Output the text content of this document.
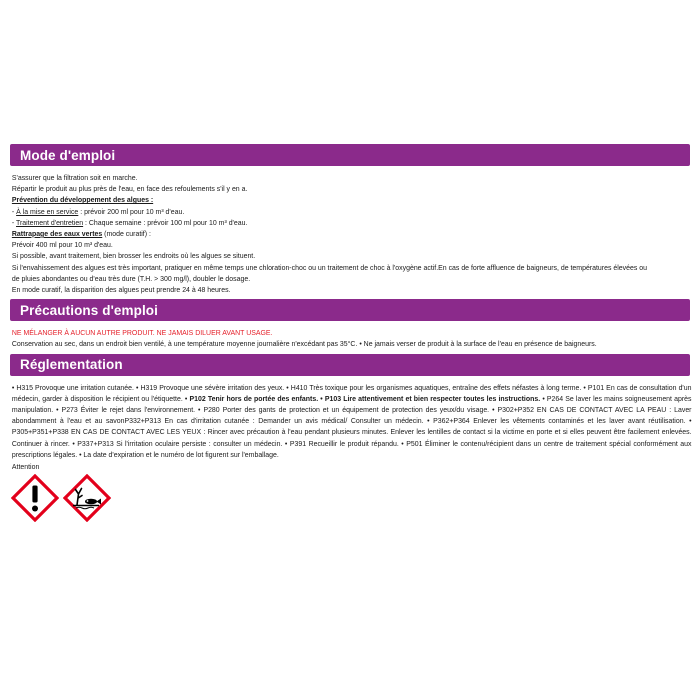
Mode d'emploi
S'assurer que la filtration soit en marche.
Répartir le produit au plus près de l'eau, en face des refoulements s'il y en a.
Prévention du développement des algues :
- À la mise en service : prévoir 200 ml pour 10 m³ d'eau.
- Traitement d'entretien : Chaque semaine : prévoir 100 ml pour 10 m³ d'eau.
Rattrapage des eaux vertes (mode curatif) :
Prévoir 400 ml pour 10 m³ d'eau.
Si possible, avant traitement, bien brosser les endroits où les algues se situent.
Si l'envahissement des algues est très important, pratiquer en même temps une chloration-choc ou un traitement de choc à l'oxygène actif.En cas de forte affluence de baigneurs, de températures élevées ou
de pluies abondantes ou d'eau très dure (T.H. > 300 mg/l), doubler le dosage.
En mode curatif, la disparition des algues peut prendre 24 à 48 heures.
Précautions d'emploi
NE MÉLANGER À AUCUN AUTRE PRODUIT. NE JAMAIS DILUER AVANT USAGE.
Conservation au sec, dans un endroit bien ventilé, à une température moyenne journalière n'excédant pas 35°C. • Ne jamais verser de produit à la surface de l'eau en présence de baigneurs.
Réglementation
• H315 Provoque une irritation cutanée. • H319 Provoque une sévère irritation des yeux. • H410 Très toxique pour les organismes aquatiques, entraîne des effets néfastes à long terme. • P101 En cas de consultation d'un médecin, garder à disposition le récipient ou l'étiquette. • P102 Tenir hors de portée des enfants. • P103 Lire attentivement et bien respecter toutes les instructions. • P264 Se laver les mains soigneusement après manipulation. • P273 Éviter le rejet dans l'environnement. • P280 Porter des gants de protection et un équipement de protection des yeux/du visage. • P302+P352 EN CAS DE CONTACT AVEC LA PEAU : Laver abondamment à l'eau et au savonP332+P313 En cas d'irritation cutanée : Demander un avis médical/ Consulter un médecin. • P362+P364 Enlever les vêtements contaminés et les laver avant réutilisation. • P305+P351+P338 EN CAS DE CONTACT AVEC LES YEUX : Rincer avec précaution à l'eau pendant plusieurs minutes. Enlever les lentilles de contact si la victime en porte et si elles peuvent être facilement enlevées. Continuer à rincer. • P337+P313 Si l'irritation oculaire persiste : consulter un médecin. • P391 Recueillir le produit répandu. • P501 Éliminer le contenu/récipient dans un centre de traitement spécial conformément aux prescriptions légales. • La date d'expiration et le numéro de lot figurent sur l'emballage.
Attention
